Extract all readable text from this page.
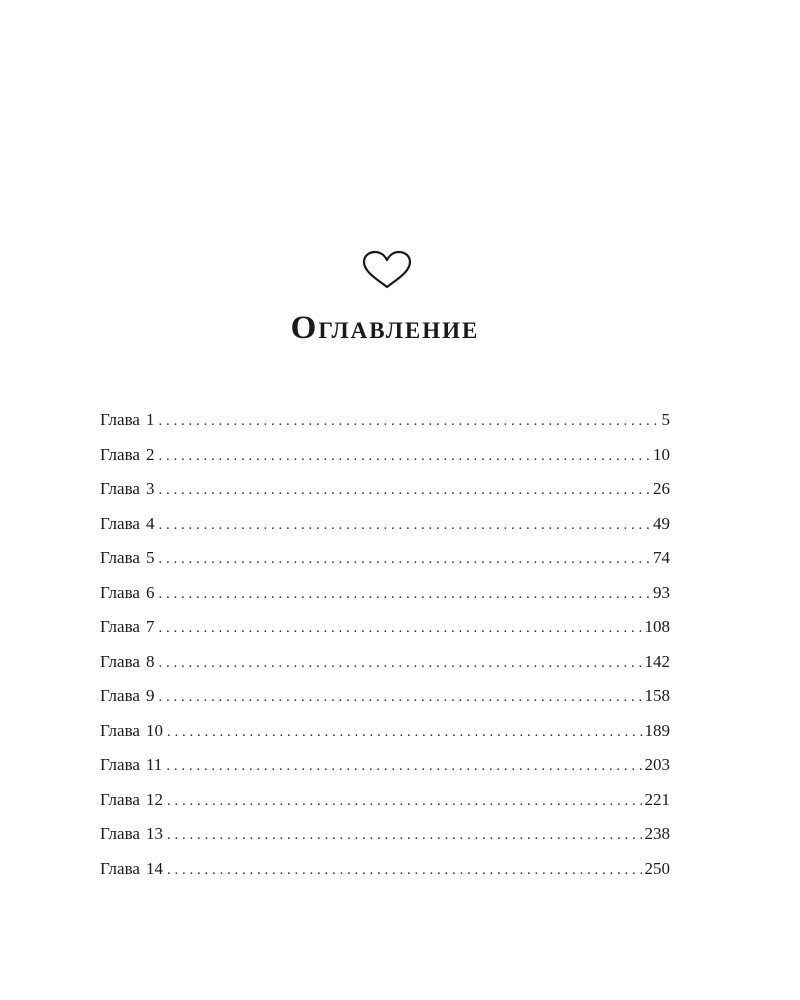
Оглавление
Глава 1 . . .	5
Глава 2 . . .	10
Глава 3 . . .	26
Глава 4 . . .	49
Глава 5 . . .	74
Глава 6 . . .	93
Глава 7 . . .	108
Глава 8 . . .	142
Глава 9 . . .	158
Глава 10 . . .	189
Глава 11 . . .	203
Глава 12 . . .	221
Глава 13 . . .	238
Глава 14 . . .	250
